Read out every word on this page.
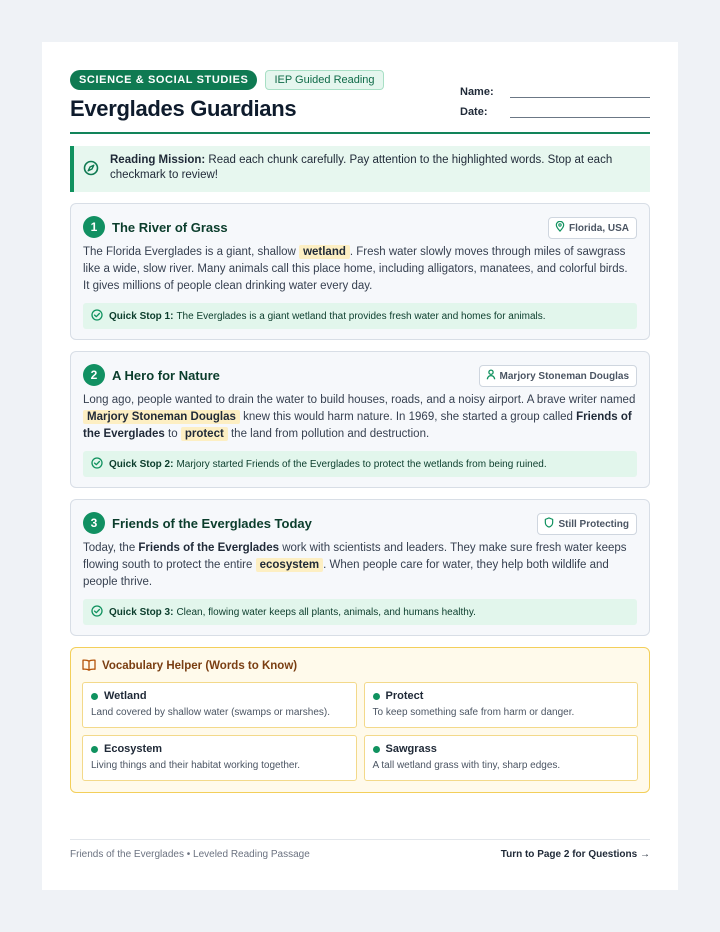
SCIENCE & SOCIAL STUDIES	IEP Guided Reading
Everglades Guardians
Name:
Date:
Reading Mission: Read each chunk carefully. Pay attention to the highlighted words. Stop at each checkmark to review!
1	The River of Grass	Florida, USA

The Florida Everglades is a giant, shallow wetland . Fresh water slowly moves through miles of sawgrass like a wide, slow river. Many animals call this place home, including alligators, manatees, and colorful birds. It gives millions of people clean drinking water every day.

Quick Stop 1: The Everglades is a giant wetland that provides fresh water and homes for animals.
2	A Hero for Nature	Marjory Stoneman Douglas

Long ago, people wanted to drain the water to build houses, roads, and a noisy airport. A brave writer named Marjory Stoneman Douglas knew this would harm nature. In 1969, she started a group called Friends of the Everglades to protect the land from pollution and destruction.

Quick Stop 2: Marjory started Friends of the Everglades to protect the wetlands from being ruined.
3	Friends of the Everglades Today	Still Protecting

Today, the Friends of the Everglades work with scientists and leaders. They make sure fresh water keeps flowing south to protect the entire ecosystem . When people care for water, they help both wildlife and people thrive.

Quick Stop 3: Clean, flowing water keeps all plants, animals, and humans healthy.
Vocabulary Helper (Words to Know)
Wetland
Land covered by shallow water (swamps or marshes).
Protect
To keep something safe from harm or danger.
Ecosystem
Living things and their habitat working together.
Sawgrass
A tall wetland grass with tiny, sharp edges.
Friends of the Everglades • Leveled Reading Passage	Turn to Page 2 for Questions →
